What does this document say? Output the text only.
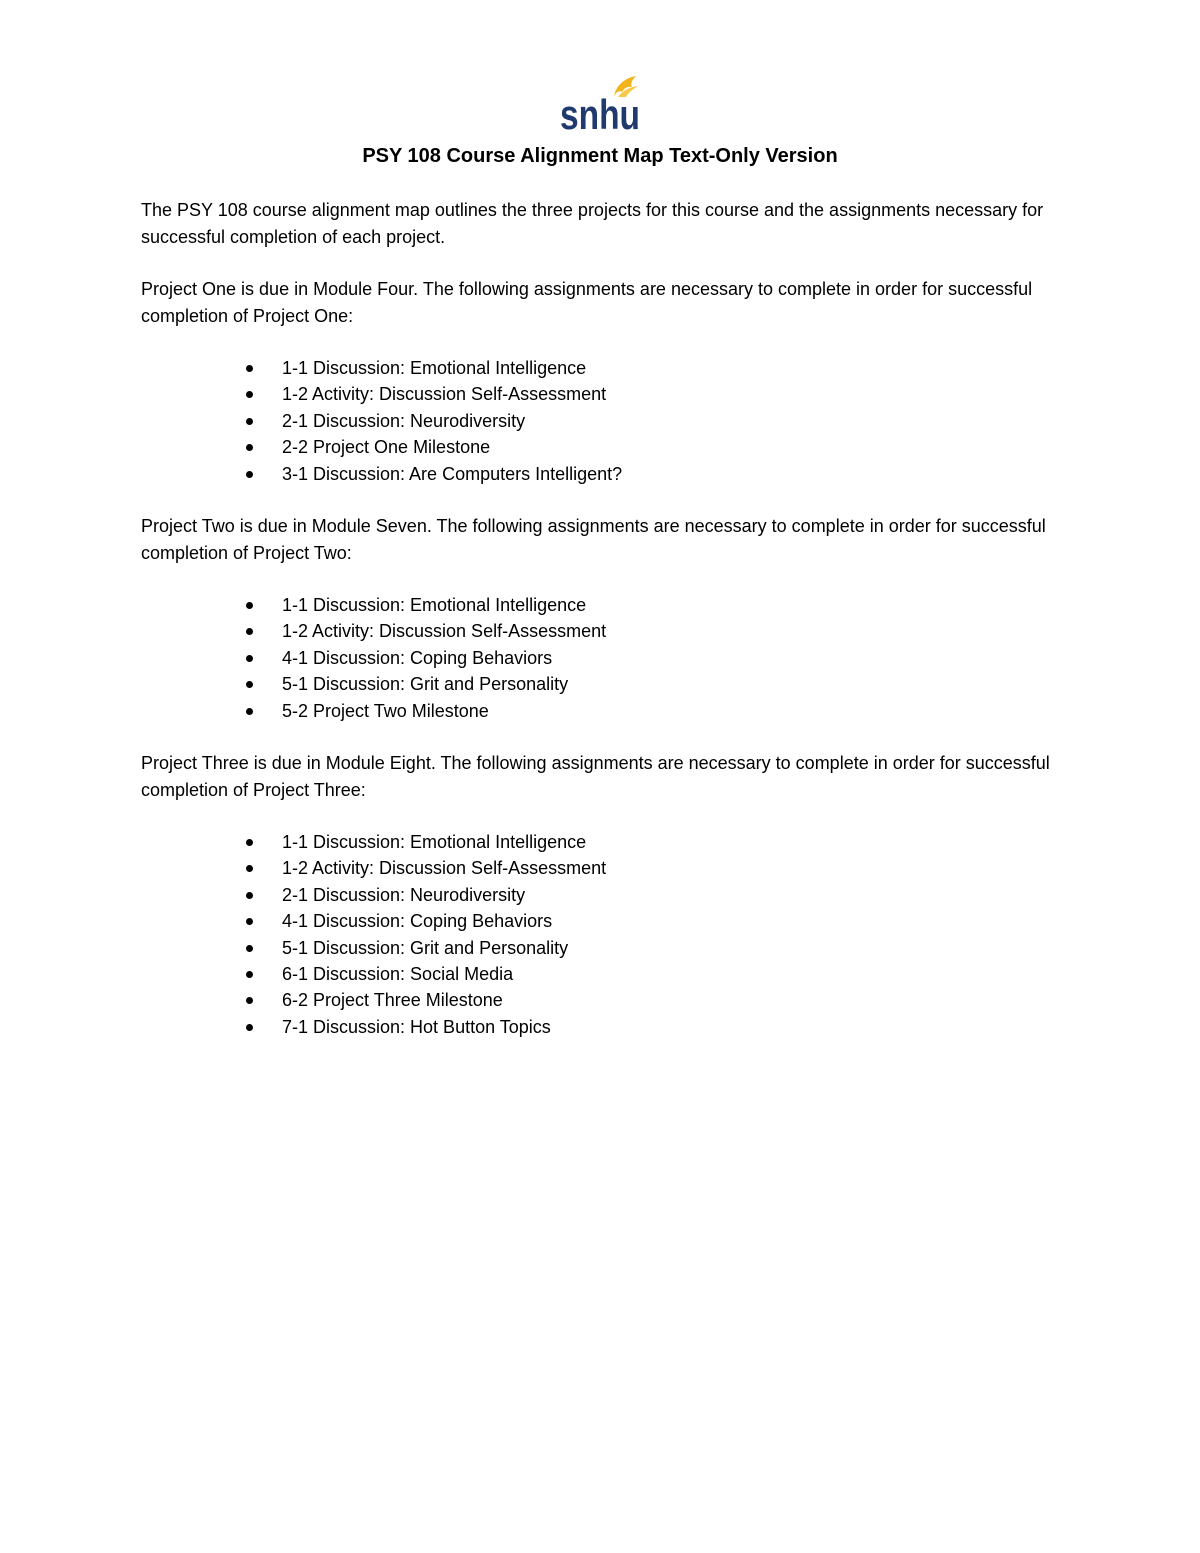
snhu
PSY 108 Course Alignment Map Text-Only Version
The PSY 108 course alignment map outlines the three projects for this course and the assignments necessary for successful completion of each project.
Project One is due in Module Four. The following assignments are necessary to complete in order for successful completion of Project One:
1-1 Discussion: Emotional Intelligence
1-2 Activity: Discussion Self-Assessment
2-1 Discussion: Neurodiversity
2-2 Project One Milestone
3-1 Discussion: Are Computers Intelligent?
Project Two is due in Module Seven. The following assignments are necessary to complete in order for successful completion of Project Two:
1-1 Discussion: Emotional Intelligence
1-2 Activity: Discussion Self-Assessment
4-1 Discussion: Coping Behaviors
5-1 Discussion: Grit and Personality
5-2 Project Two Milestone
Project Three is due in Module Eight. The following assignments are necessary to complete in order for successful completion of Project Three:
1-1 Discussion: Emotional Intelligence
1-2 Activity: Discussion Self-Assessment
2-1 Discussion: Neurodiversity
4-1 Discussion: Coping Behaviors
5-1 Discussion: Grit and Personality
6-1 Discussion: Social Media
6-2 Project Three Milestone
7-1 Discussion: Hot Button Topics
